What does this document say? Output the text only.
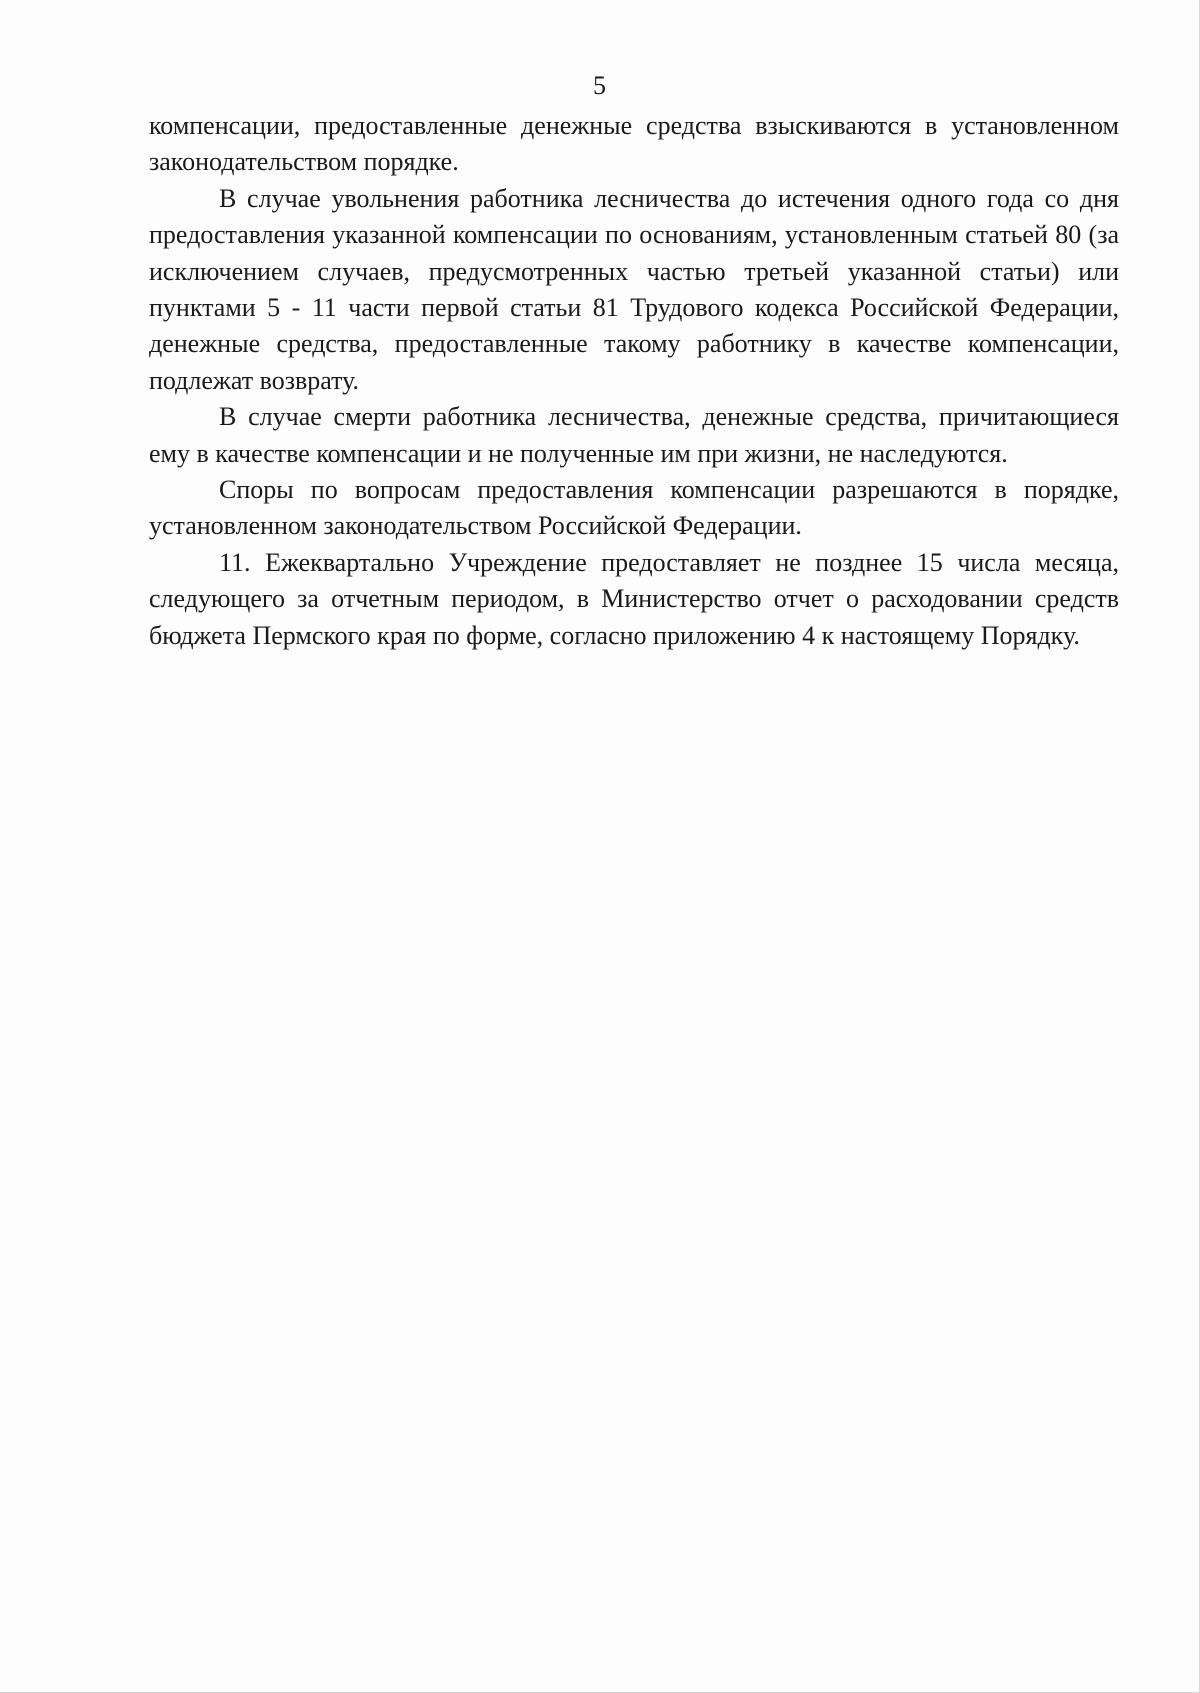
5

компенсации, предоставленные денежные средства взыскиваются в установленном законодательством порядке.

В случае увольнения работника лесничества до истечения одного года со дня предоставления указанной компенсации по основаниям, установленным статьей 80 (за исключением случаев, предусмотренных частью третьей указанной статьи) или пунктами 5 - 11 части первой статьи 81 Трудового кодекса Российской Федерации, денежные средства, предоставленные такому работнику в качестве компенсации, подлежат возврату.

В случае смерти работника лесничества, денежные средства, причитающиеся ему в качестве компенсации и не полученные им при жизни, не наследуются.

Споры по вопросам предоставления компенсации разрешаются в порядке, установленном законодательством Российской Федерации.

11. Ежеквартально Учреждение предоставляет не позднее 15 числа месяца, следующего за отчетным периодом, в Министерство отчет о расходовании средств бюджета Пермского края по форме, согласно приложению 4 к настоящему Порядку.
